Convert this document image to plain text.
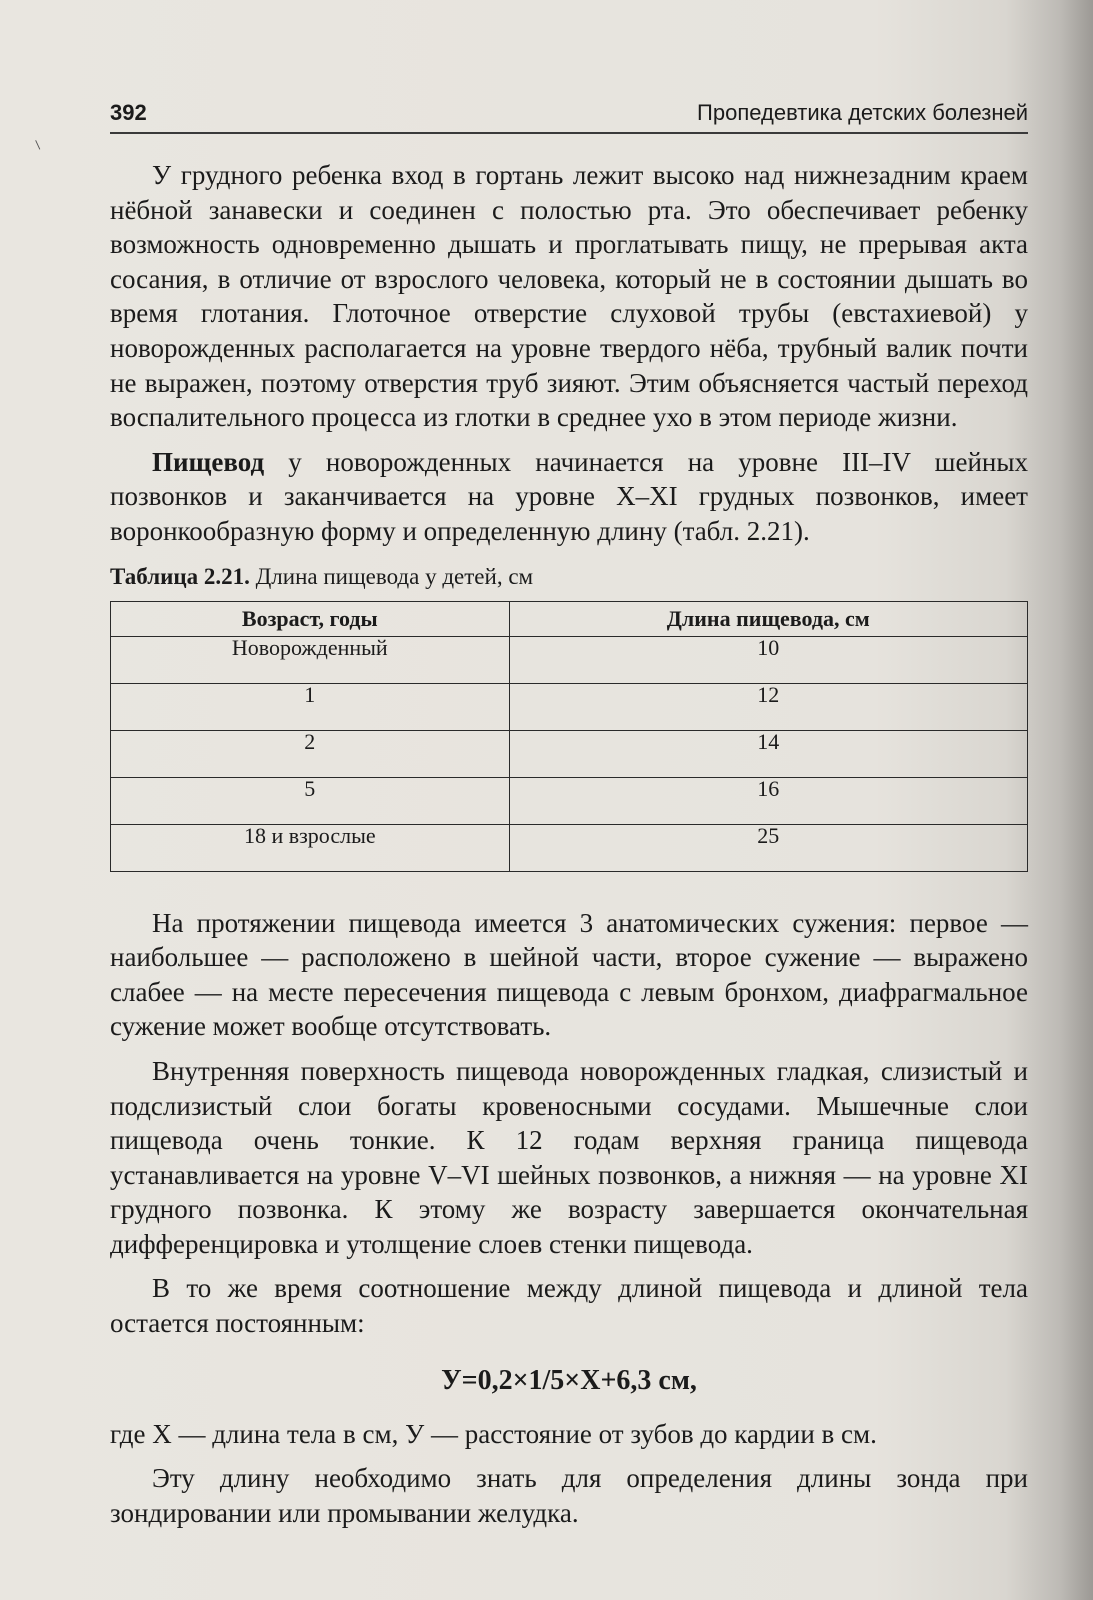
ᛧ
392	Пропедевтика детских болезней

У грудного ребенка вход в гортань лежит высоко над нижнезадним краем нёбной занавески и соединен с полостью рта. Это обеспечивает ребенку возможность одновременно дышать и проглатывать пищу, не прерывая акта сосания, в отличие от взрослого человека, который не в состоянии дышать во время глотания. Глоточное отверстие слуховой трубы (евстахиевой) у новорожденных располагается на уровне твердого нёба, трубный валик почти не выражен, поэтому отверстия труб зияют. Этим объясняется частый переход воспалительного процесса из глотки в среднее ухо в этом периоде жизни.

Пищевод у новорожденных начинается на уровне III–IV шейных позвонков и заканчивается на уровне X–XI грудных позвонков, имеет воронкообразную форму и определенную длину (табл. 2.21).

Таблица 2.21. Длина пищевода у детей, см
Возраст, годы	Длина пищевода, см
Новорожденный	10

1	12

2	14

5	16

18 и взрослые	25

На протяжении пищевода имеется 3 анатомических сужения: первое — наибольшее — расположено в шейной части, второе сужение — выражено слабее — на месте пересечения пищевода с левым бронхом, диафрагмальное сужение может вообще отсутствовать.

Внутренняя поверхность пищевода новорожденных гладкая, слизистый и подслизистый слои богаты кровеносными сосудами. Мышечные слои пищевода очень тонкие. К 12 годам верхняя граница пищевода устанавливается на уровне V–VI шейных позвонков, а нижняя — на уровне XI грудного позвонка. К этому же возрасту завершается окончательная дифференцировка и утолщение слоев стенки пищевода.

В то же время соотношение между длиной пищевода и длиной тела остается постоянным:

У=0,2×1/5×Х+6,3 см,

где Х — длина тела в см, У — расстояние от зубов до кардии в см.

Эту длину необходимо знать для определения длины зонда при зондировании или промывании желудка.
